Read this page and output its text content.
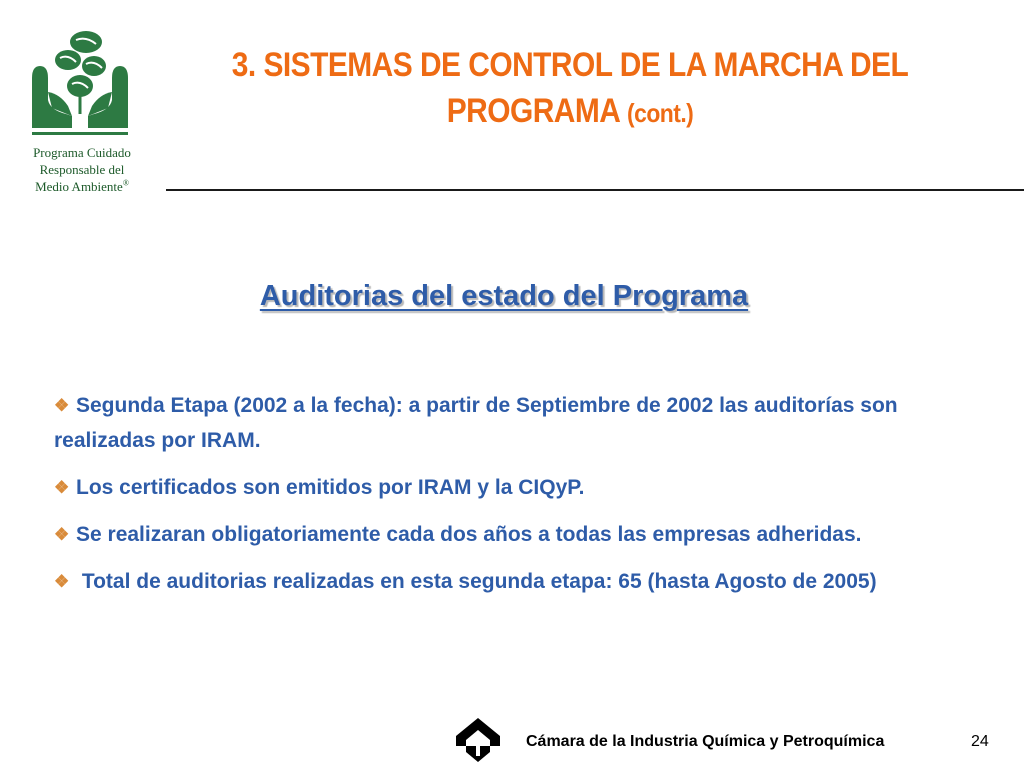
Programa Cuidado
Responsable del
Medio Ambiente®
3. SISTEMAS DE CONTROL DE LA MARCHA DEL
PROGRAMA (cont.)
Auditorias del estado del Programa
❖ Segunda Etapa (2002 a la fecha): a partir de Septiembre de 2002 las auditorías son realizadas por IRAM.
❖ Los certificados son emitidos por IRAM y la CIQyP.
❖ Se realizaran obligatoriamente cada dos años a todas las empresas adheridas.
❖ Total de auditorias realizadas en esta segunda etapa: 65 (hasta Agosto de 2005)
Cámara de la Industria Química y Petroquímica	24
